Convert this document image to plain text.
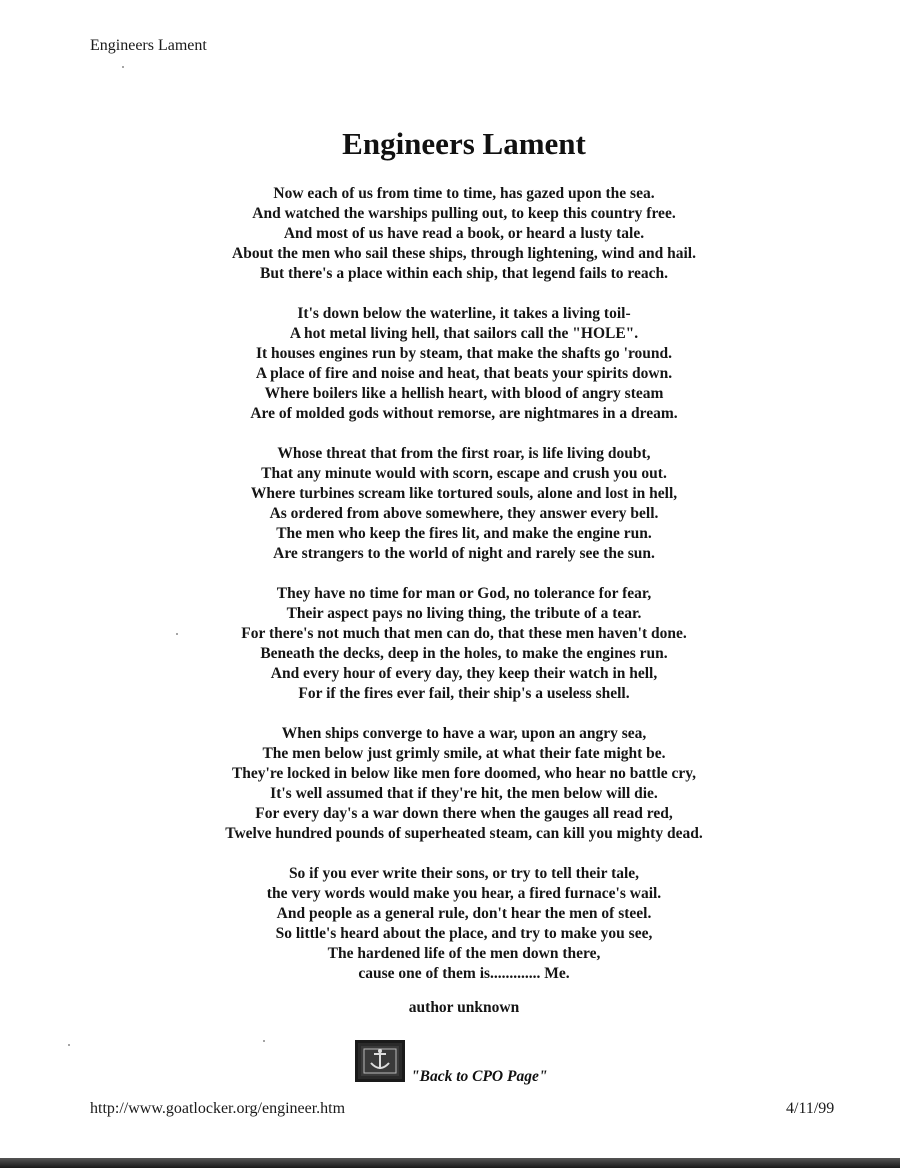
Engineers Lament
Engineers Lament
Now each of us from time to time, has gazed upon the sea.
And watched the warships pulling out, to keep this country free.
And most of us have read a book, or heard a lusty tale.
About the men who sail these ships, through lightening, wind and hail.
But there's a place within each ship, that legend fails to reach.
It's down below the waterline, it takes a living toil-
A hot metal living hell, that sailors call the "HOLE".
It houses engines run by steam, that make the shafts go 'round.
A place of fire and noise and heat, that beats your spirits down.
Where boilers like a hellish heart, with blood of angry steam
Are of molded gods without remorse, are nightmares in a dream.
Whose threat that from the first roar, is life living doubt,
That any minute would with scorn, escape and crush you out.
Where turbines scream like tortured souls, alone and lost in hell,
As ordered from above somewhere, they answer every bell.
The men who keep the fires lit, and make the engine run.
Are strangers to the world of night and rarely see the sun.
They have no time for man or God, no tolerance for fear,
Their aspect pays no living thing, the tribute of a tear.
For there's not much that men can do, that these men haven't done.
Beneath the decks, deep in the holes, to make the engines run.
And every hour of every day, they keep their watch in hell,
For if the fires ever fail, their ship's a useless shell.
When ships converge to have a war, upon an angry sea,
The men below just grimly smile, at what their fate might be.
They're locked in below like men fore doomed, who hear no battle cry,
It's well assumed that if they're hit, the men below will die.
For every day's a war down there when the gauges all read red,
Twelve hundred pounds of superheated steam, can kill you mighty dead.
So if you ever write their sons, or try to tell their tale,
the very words would make you hear, a fired furnace's wail.
And people as a general rule, don't hear the men of steel.
So little's heard about the place, and try to make you see,
The hardened life of the men down there,
cause one of them is............. Me.
author unknown
"Back to CPO Page"
http://www.goatlocker.org/engineer.htm	4/11/99
